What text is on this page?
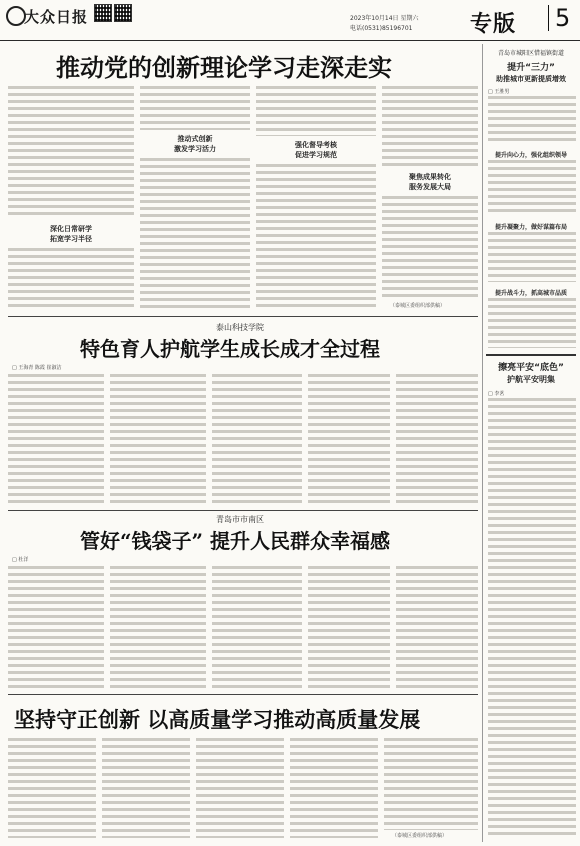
大众日报	2023年10月14日 星期六
电话(0531)85196701	专版 5
推动党的创新理论学习走深走实
深化日常研学
拓宽学习半径
推动式创新
激发学习活力	强化督导考核
促进学习规范
聚焦成果转化
服务发展大局
（泰城区委组织部供稿）
泰山科技学院
特色育人护航学生成长成才全过程
□ 王海青 陈霞 崔淑洁
青岛市市南区
管好“钱袋子” 提升人民群众幸福感
□ 杜洋
坚持守正创新 以高质量学习推动高质量发展
（泰城区委组织部供稿）
青岛市城阳区惜福镇街道
提升“三力”
助推城市更新提质增效
□ 王胜男
提升向心力，强化组织领导
提升凝聚力，做好谋篇布局
提升战斗力，抓高城市品质
擦亮平安“底色”
护航平安明集
□ 李茗
